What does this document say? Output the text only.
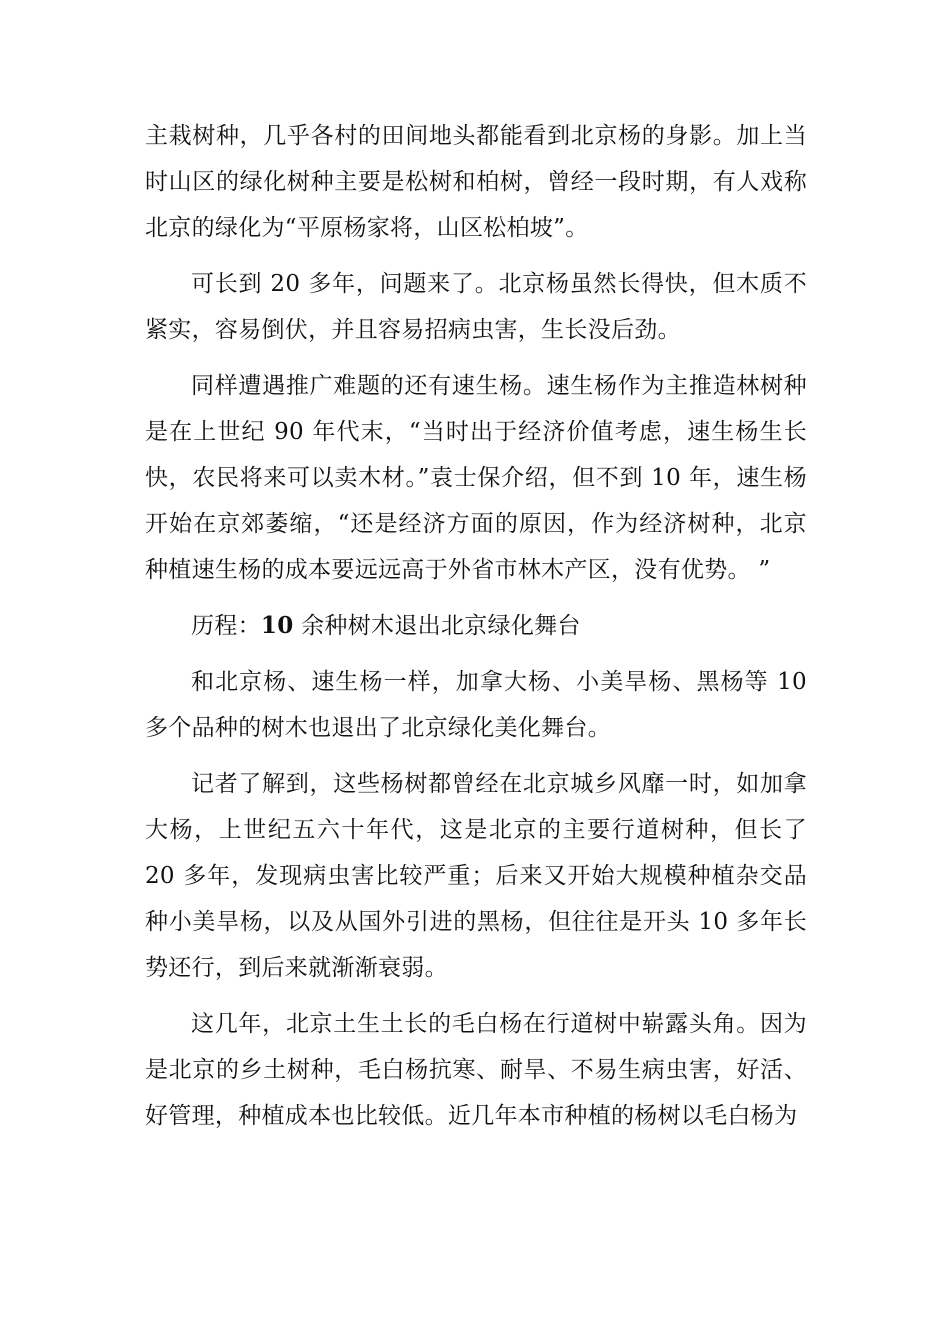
主栽树种，几乎各村的田间地头都能看到北京杨的身影。加上当时山区的绿化树种主要是松树和柏树，曾经一段时期，有人戏称北京的绿化为“平原杨家将，山区松柏坡”。

可长到 20 多年，问题来了。北京杨虽然长得快，但木质不紧实，容易倒伏，并且容易招病虫害，生长没后劲。

同样遭遇推广难题的还有速生杨。速生杨作为主推造林树种是在上世纪 90 年代末，“当时出于经济价值考虑，速生杨生长快，农民将来可以卖木材。”袁士保介绍，但不到 10 年，速生杨开始在京郊萎缩，“还是经济方面的原因，作为经济树种，北京种植速生杨的成本要远远高于外省市林木产区，没有优势。 ”

历程：10 余种树木退出北京绿化舞台

和北京杨、速生杨一样，加拿大杨、小美旱杨、黑杨等 10 多个品种的树木也退出了北京绿化美化舞台。

记者了解到，这些杨树都曾经在北京城乡风靡一时，如加拿大杨，上世纪五六十年代，这是北京的主要行道树种，但长了 20 多年，发现病虫害比较严重；后来又开始大规模种植杂交品种小美旱杨，以及从国外引进的黑杨，但往往是开头 10 多年长势还行，到后来就渐渐衰弱。

这几年，北京土生土长的毛白杨在行道树中崭露头角。因为是北京的乡土树种，毛白杨抗寒、耐旱、不易生病虫害，好活、好管理，种植成本也比较低。近几年本市种植的杨树以毛白杨为
